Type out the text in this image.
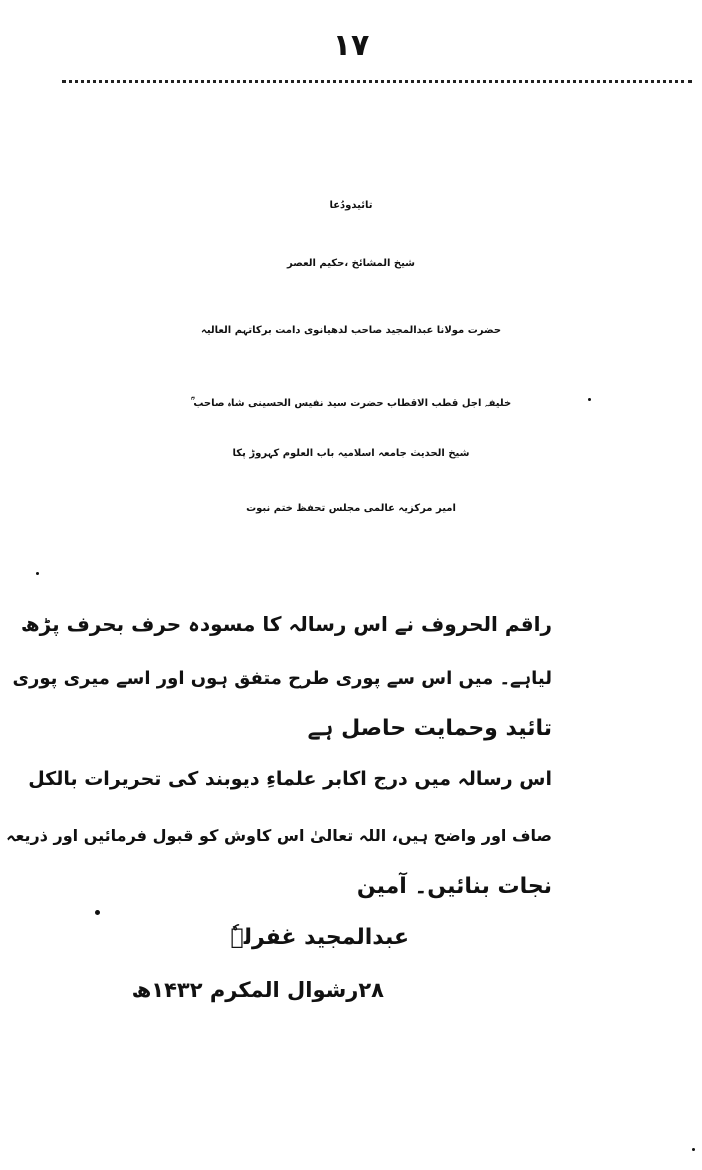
۱۷
تائیدودُعا
شیخ المشائخ ،حکیم العصر
حضرت مولانا عبدالمجید صاحب لدھیانوی دامت برکاتہم العالیہ
خلیفہ اجل قطب الاقطاب حضرت سید نفیس الحسینی شاہ صاحب ؒ
شیخ الحدیث جامعہ اسلامیہ باب العلوم کہروڑ پکا
امیر مرکزیہ عالمی مجلس تحفظ ختم نبوت
راقم الحروف نے اس رسالہ کا مسودہ حرف بحرف پڑھ
لیاہے۔ میں اس سے پوری طرح متفق ہوں اور اسے میری پوری
تائید وحمایت حاصل ہے
اس رسالہ میں درج اکابر علماءِ دیوبند کی تحریرات بالکل
صاف اور واضح ہیں، اللہ تعالیٰ اس کاوش کو قبول فرمائیں اور ذریعہ
نجات بنائیں۔ آمین
عبدالمجید غفرلہٗ
۲۸رشوال المکرم ۱۴۳۲ھ
